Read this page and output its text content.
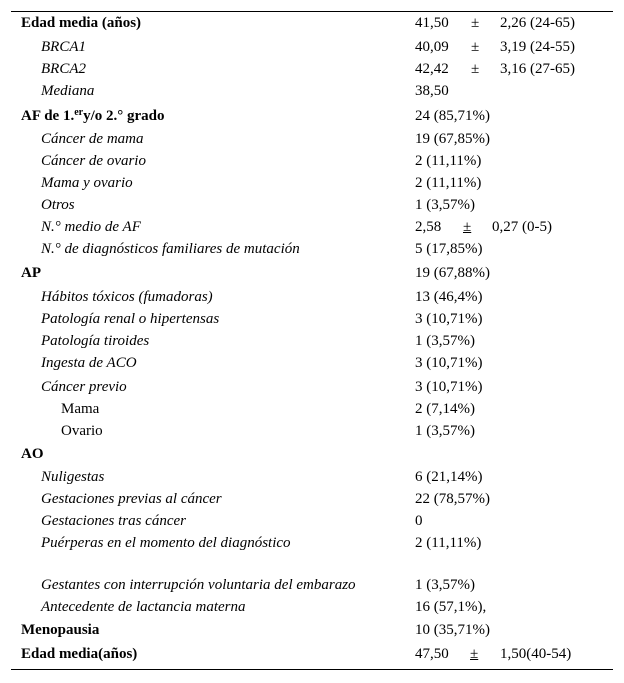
Edad media (años)	41,50 ± 2,26 (24-65)
BRCA1	40,09 ± 3,19 (24-55)
BRCA2	42,42 ± 3,16 (27-65)
Mediana	38,50
AF de 1.$^{er}$y/o 2.° grado	24 (85,71%)
Cáncer de mama	19 (67,85%)
Cáncer de ovario	2 (11,11%)
Mama y ovario	2 (11,11%)
Otros	1 (3,57%)
N.° medio de AF	2,58 ± 0,27 (0-5)
N.° de diagnósticos familiares de mutación	5 (17,85%)
AP	19 (67,88%)
Hábitos tóxicos (fumadoras)	13 (46,4%)
Patología renal o hipertensas	3 (10,71%)
Patología tiroides	1 (3,57%)
Ingesta de ACO	3 (10,71%)
Cáncer previo	3 (10,71%)
Mama	2 (7,14%)
Ovario	1 (3,57%)
AO
Nuligestas	6 (21,14%)
Gestaciones previas al cáncer	22 (78,57%)
Gestaciones tras cáncer	0
Puérperas en el momento del diagnóstico	2 (11,11%)
Gestantes con interrupción voluntaria del embarazo	1 (3,57%)
Antecedente de lactancia materna	16 (57,1%),
Menopausia	10 (35,71%)
Edad media(años)	47,50 ± 1,50(40-54)
